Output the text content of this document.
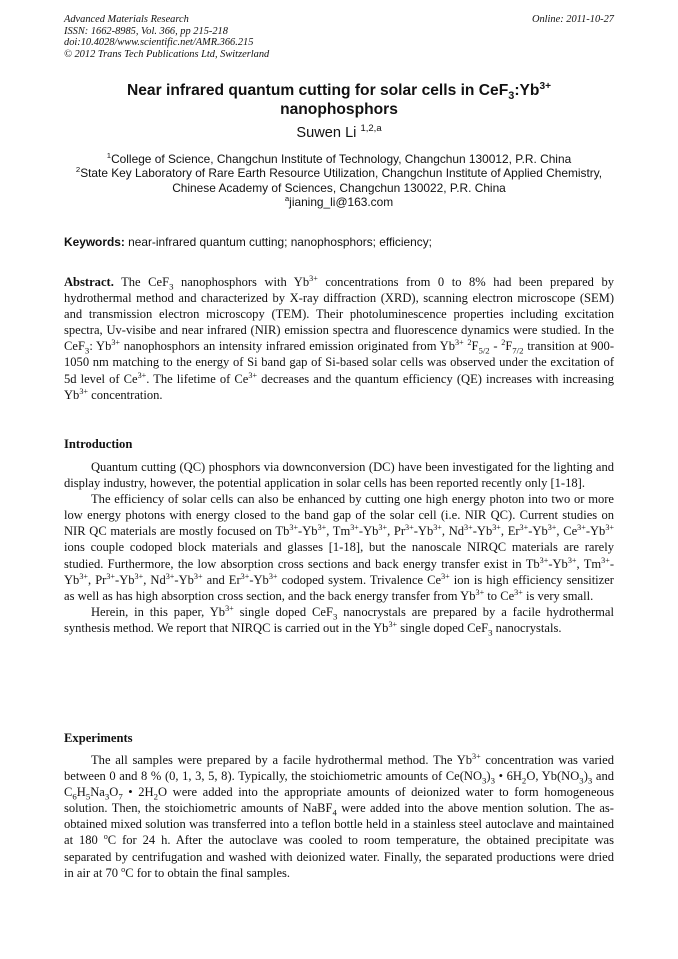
Advanced Materials Research
ISSN: 1662-8985, Vol. 366, pp 215-218
doi:10.4028/www.scientific.net/AMR.366.215
© 2012 Trans Tech Publications Ltd, Switzerland
Online: 2011-10-27
Near infrared quantum cutting for solar cells in $CeF_3:Yb^{3+}$
nanophosphors
Suwen Li $^{1,2,a}$
$^1$College of Science, Changchun Institute of Technology, Changchun 130012, P.R. China
$^2$State Key Laboratory of Rare Earth Resource Utilization, Changchun Institute of Applied Chemistry, Chinese Academy of Sciences, Changchun 130022, P.R. China
$^a$jianing_li@163.com
Keywords: near-infrared quantum cutting; nanophosphors; efficiency;

Abstract. The CeF$_3$ nanophosphors with $Yb^{3+}$ concentrations from 0 to 8% had been prepared by hydrothermal method and characterized by X-ray diffraction (XRD), scanning electron microscope (SEM) and transmission electron microscopy (TEM). Their photoluminescence properties including excitation spectra, Uv-visibe and near infrared (NIR) emission spectra and fluorescence dynamics were studied. In the CeF$_3$: $Yb^{3+}$ nanophosphors an intensity infrared emission originated from $Yb^{3+}$ $^2F_{5/2} - ^2F_{7/2}$ transition at 900-1050 nm matching to the energy of Si band gap of Si-based solar cells was observed under the excitation of 5d level of $Ce^{3+}$. The lifetime of $Ce^{3+}$ decreases and the quantum efficiency (QE) increases with increasing $Yb^{3+}$ concentration.

Introduction

Quantum cutting (QC) phosphors via downconversion (DC) have been investigated for the lighting and display industry, however, the potential application in solar cells has been reported recently only [1-18].

The efficiency of solar cells can also be enhanced by cutting one high energy photon into two or more low energy photons with energy closed to the band gap of the solar cell (i.e. NIR QC). Current studies on NIR QC materials are mostly focused on $Tb^{3+}-Yb^{3+}$, $Tm^{3+}-Yb^{3+}$, $Pr^{3+}-Yb^{3+}$, $Nd^{3+}-Yb^{3+}$, $Er^{3+}-Yb^{3+}$, $Ce^{3+}-Yb^{3+}$ ions couple codoped block materials and glasses [1-18], but the nanoscale NIRQC materials are rarely studied. Furthermore, the low absorption cross sections and back energy transfer exist in $Tb^{3+}-Yb^{3+}$, $Tm^{3+}-Yb^{3+}$, $Pr^{3+}-Yb^{3+}$, $Nd^{3+}-Yb^{3+}$ and $Er^{3+}-Yb^{3+}$ codoped system. Trivalence $Ce^{3+}$ ion is high efficiency sensitizer as well as has high absorption cross section, and the back energy transfer from $Yb^{3+}$ to $Ce^{3+}$ is very small.

Herein, in this paper, $Yb^{3+}$ single doped CeF$_3$ nanocrystals are prepared by a facile hydrothermal synthesis method. We report that NIRQC is carried out in the $Yb^{3+}$ single doped CeF$_3$ nanocrystals.

Experiments

The all samples were prepared by a facile hydrothermal method. The $Yb^{3+}$ concentration was varied between 0 and 8 % (0, 1, 3, 5, 8). Typically, the stoichiometric amounts of $Ce(NO_3)_3$ • $6H_2O$, $Yb(NO_3)_3$ and $C_6H_5Na_3O_7$ • $2H_2O$ were added into the appropriate amounts of deionized water to form homogeneous solution. Then, the stoichiometric amounts of NaBF$_4$ were added into the above mention solution. The as-obtained mixed solution was transferred into a teflon bottle held in a stainless steel autoclave and maintained at 180 $^o$C for 24 h. After the autoclave was cooled to room temperature, the obtained precipitate was separated by centrifugation and washed with deionized water. Finally, the separated productions were dried in air at 70 $^o$C for to obtain the final samples.
